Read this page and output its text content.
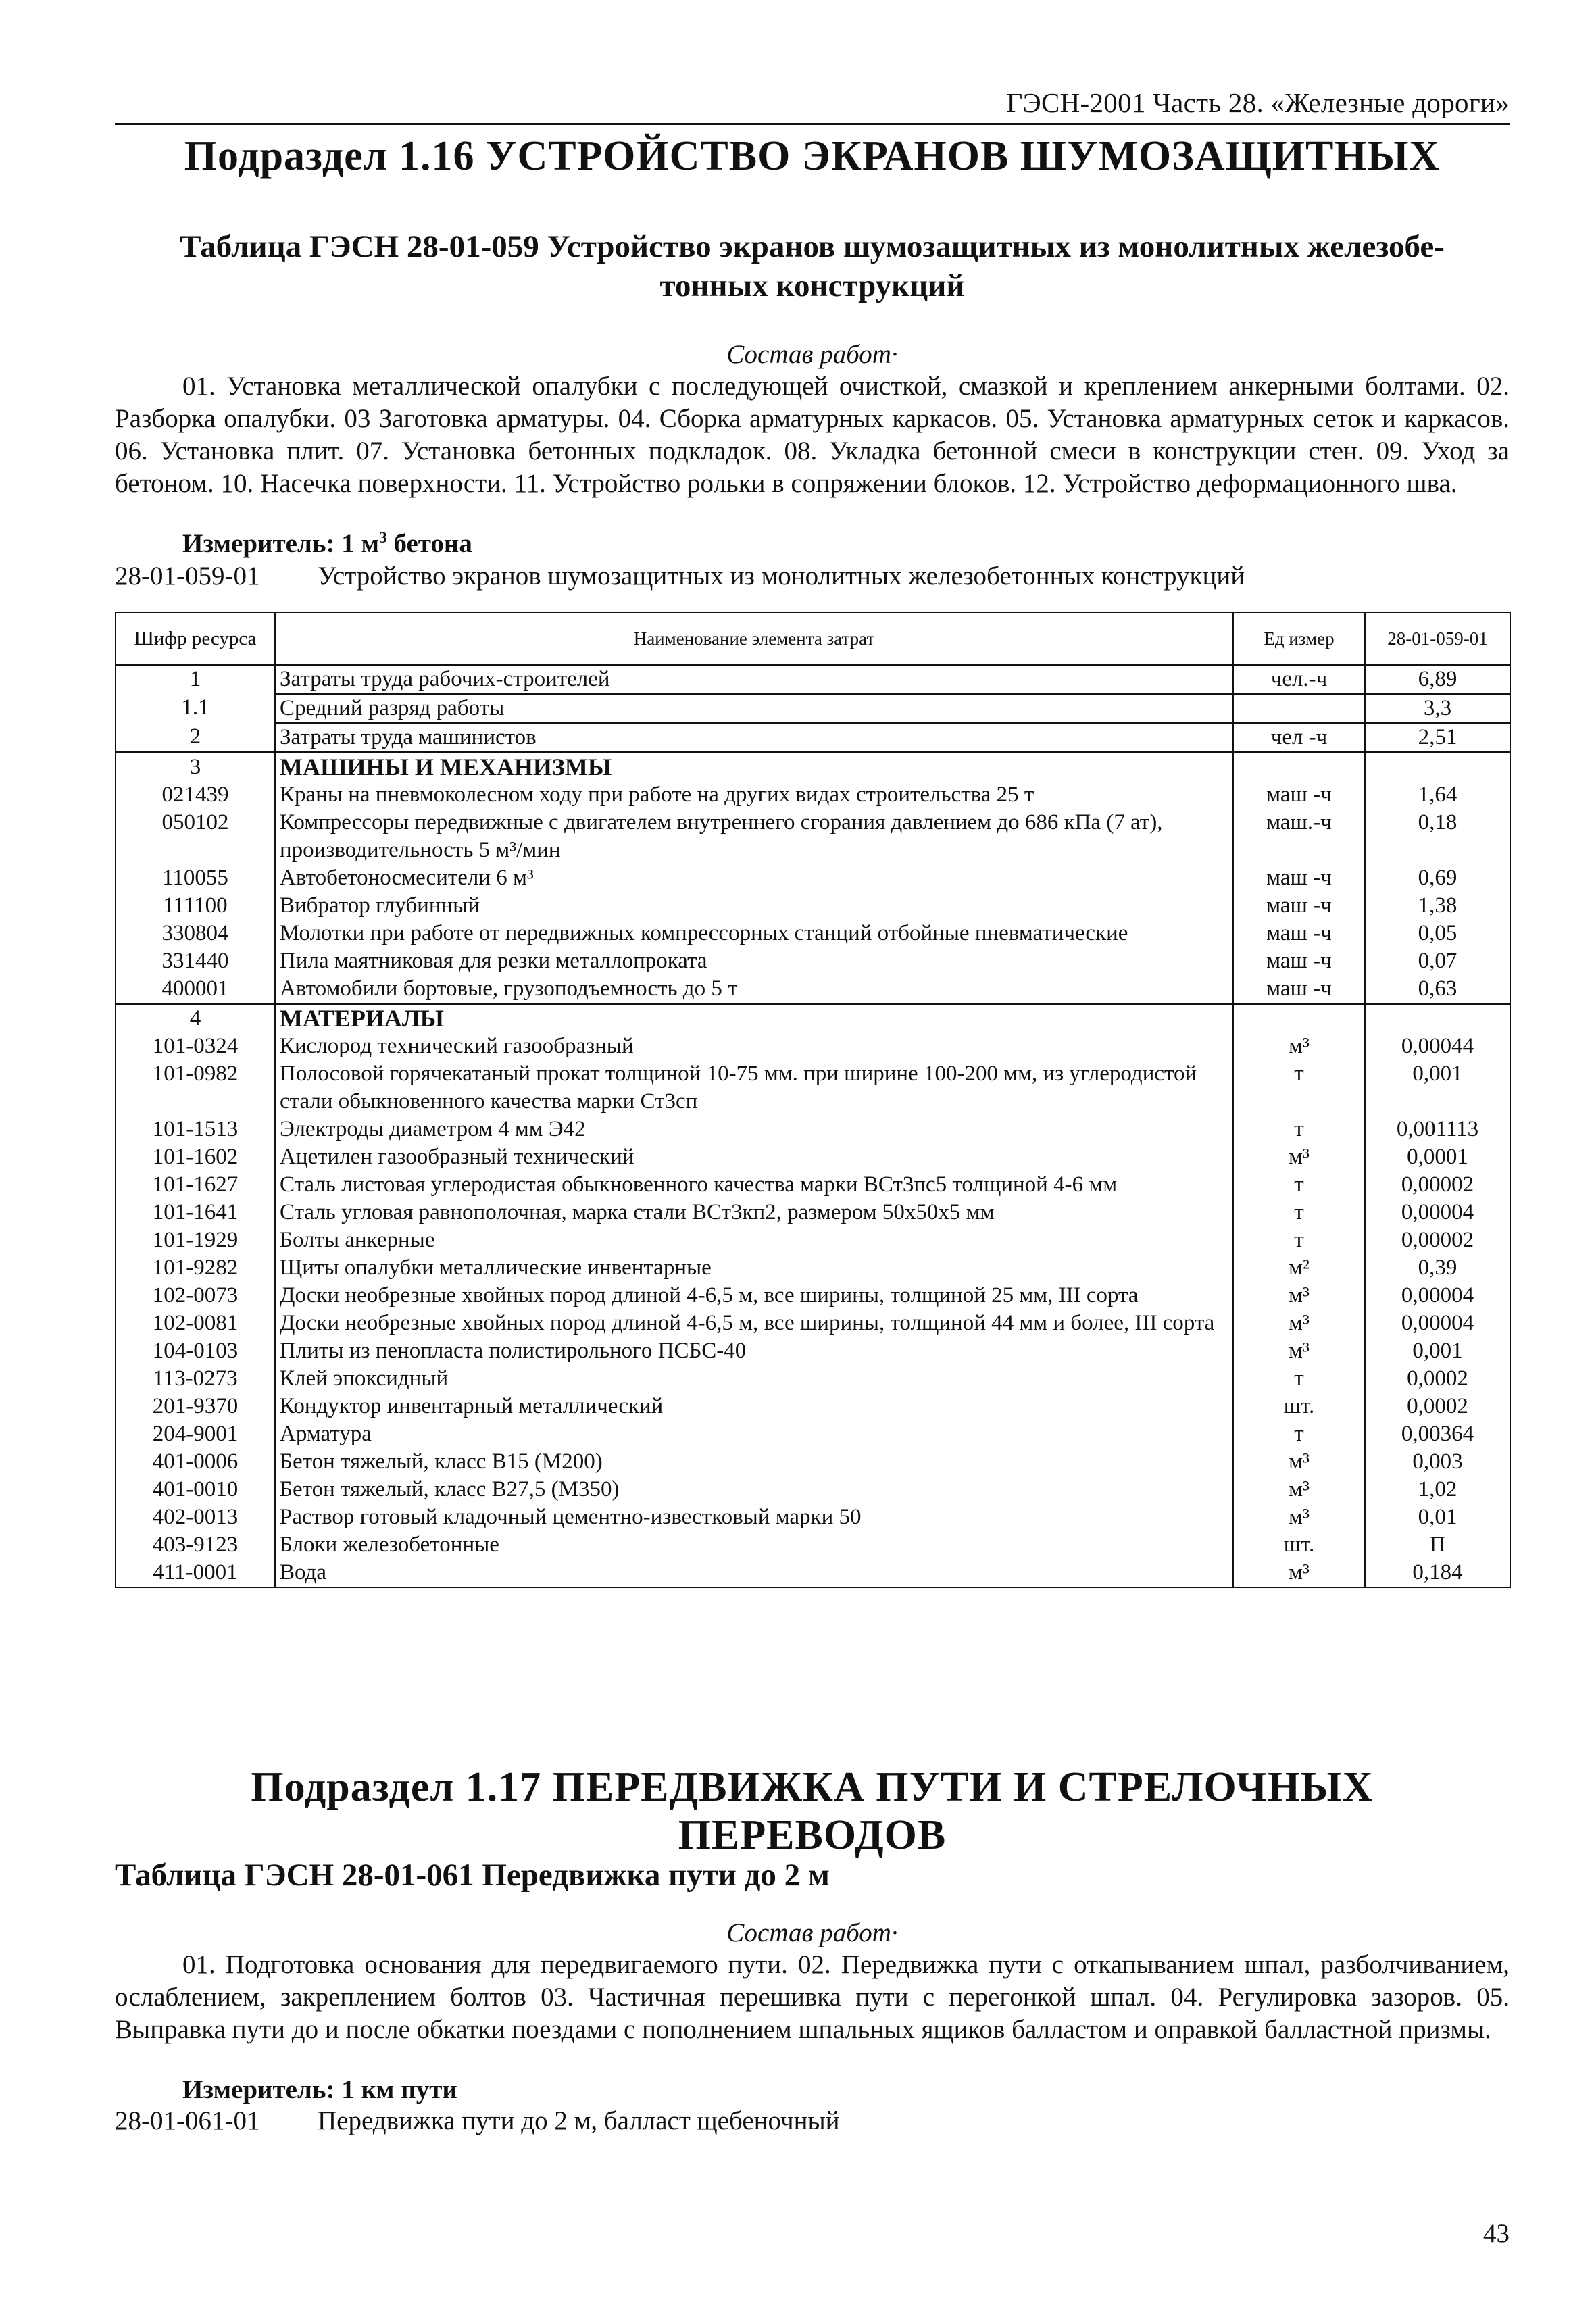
ГЭСН-2001 Часть 28. «Железные дороги»
Подраздел 1.16 УСТРОЙСТВО ЭКРАНОВ ШУМОЗАЩИТНЫХ
Таблица ГЭСН 28-01-059 Устройство экранов шумозащитных из монолитных железобе-
тонных конструкций
Состав работ·
01. Установка металлической опалубки с последующей очисткой, смазкой и креплением анкерными болтами. 02. Разборка опалубки. 03 Заготовка арматуры. 04. Сборка арматурных каркасов. 05. Установка арматурных сеток и каркасов. 06. Установка плит. 07. Установка бетонных подкладок. 08. Укладка бетонной смеси в конструкции стен. 09. Уход за бетоном. 10. Насечка поверхности. 11. Устройство рольки в сопряжении блоков. 12. Устройство деформационного шва.
Измеритель: 1 $м^3$ бетона
28-01-059-01 Устройство экранов шумозащитных из монолитных железобетонных конструкций
Шифр ресурса	Наименование элемента затрат	Ед измер	28-01-059-01
1	Затраты труда рабочих-строителей	чел.-ч	6,89
1.1	Средний разряд работы		3,3
2	Затраты труда машинистов	чел -ч	2,51
3	МАШИНЫ И МЕХАНИЗМЫ		
021439	Краны на пневмоколесном ходу при работе на других видах строительства 25 т	маш -ч	1,64
050102	Компрессоры передвижные с двигателем внутреннего сгорания давлением до 686 кПа (7 ат), производительность 5 м³/мин	маш.-ч	0,18
110055	Автобетоносмесители 6 м³	маш -ч	0,69
111100	Вибратор глубинный	маш -ч	1,38
330804	Молотки при работе от передвижных компрессорных станций отбойные пневматические	маш -ч	0,05
331440	Пила маятниковая для резки металлопроката	маш -ч	0,07
400001	Автомобили бортовые, грузоподъемность до 5 т	маш -ч	0,63
4	МАТЕРИАЛЫ		
101-0324	Кислород технический газообразный	м³	0,00044
101-0982	Полосовой горячекатаный прокат толщиной 10-75 мм. при ширине 100-200 мм, из углеродистой стали обыкновенного качества марки Ст3сп	т	0,001
101-1513	Электроды диаметром 4 мм Э42	т	0,001113
101-1602	Ацетилен газообразный технический	м³	0,0001
101-1627	Сталь листовая углеродистая обыкновенного качества марки ВСт3пс5 толщиной 4-6 мм	т	0,00002
101-1641	Сталь угловая равнополочная, марка стали ВСт3кп2, размером 50x50x5 мм	т	0,00004
101-1929	Болты анкерные	т	0,00002
101-9282	Щиты опалубки металлические инвентарные	м²	0,39
102-0073	Доски необрезные хвойных пород длиной 4-6,5 м, все ширины, толщиной 25 мм, III сорта	м³	0,00004
102-0081	Доски необрезные хвойных пород длиной 4-6,5 м, все ширины, толщиной 44 мм и более, III сорта	м³	0,00004
104-0103	Плиты из пенопласта полистирольного ПСБС-40	м³	0,001
113-0273	Клей эпоксидный	т	0,0002
201-9370	Кондуктор инвентарный металлический	шт.	0,0002
204-9001	Арматура	т	0,00364
401-0006	Бетон тяжелый, класс В15 (М200)	м³	0,003
401-0010	Бетон тяжелый, класс В27,5 (М350)	м³	1,02
402-0013	Раствор готовый кладочный цементно-известковый марки 50	м³	0,01
403-9123	Блоки железобетонные	шт.	П
411-0001	Вода	м³	0,184
Подраздел 1.17 ПЕРЕДВИЖКА ПУТИ И СТРЕЛОЧНЫХ ПЕРЕВОДОВ
Таблица ГЭСН 28-01-061 Передвижка пути до 2 м
Состав работ·
01. Подготовка основания для передвигаемого пути. 02. Передвижка пути с откапыванием шпал, разболчиванием, ослаблением, закреплением болтов 03. Частичная перешивка пути с перегонкой шпал. 04. Регулировка зазоров. 05. Выправка пути до и после обкатки поездами с пополнением шпальных ящиков балластом и оправкой балластной призмы.
Измеритель: 1 км пути
28-01-061-01 Передвижка пути до 2 м, балласт щебеночный
43
